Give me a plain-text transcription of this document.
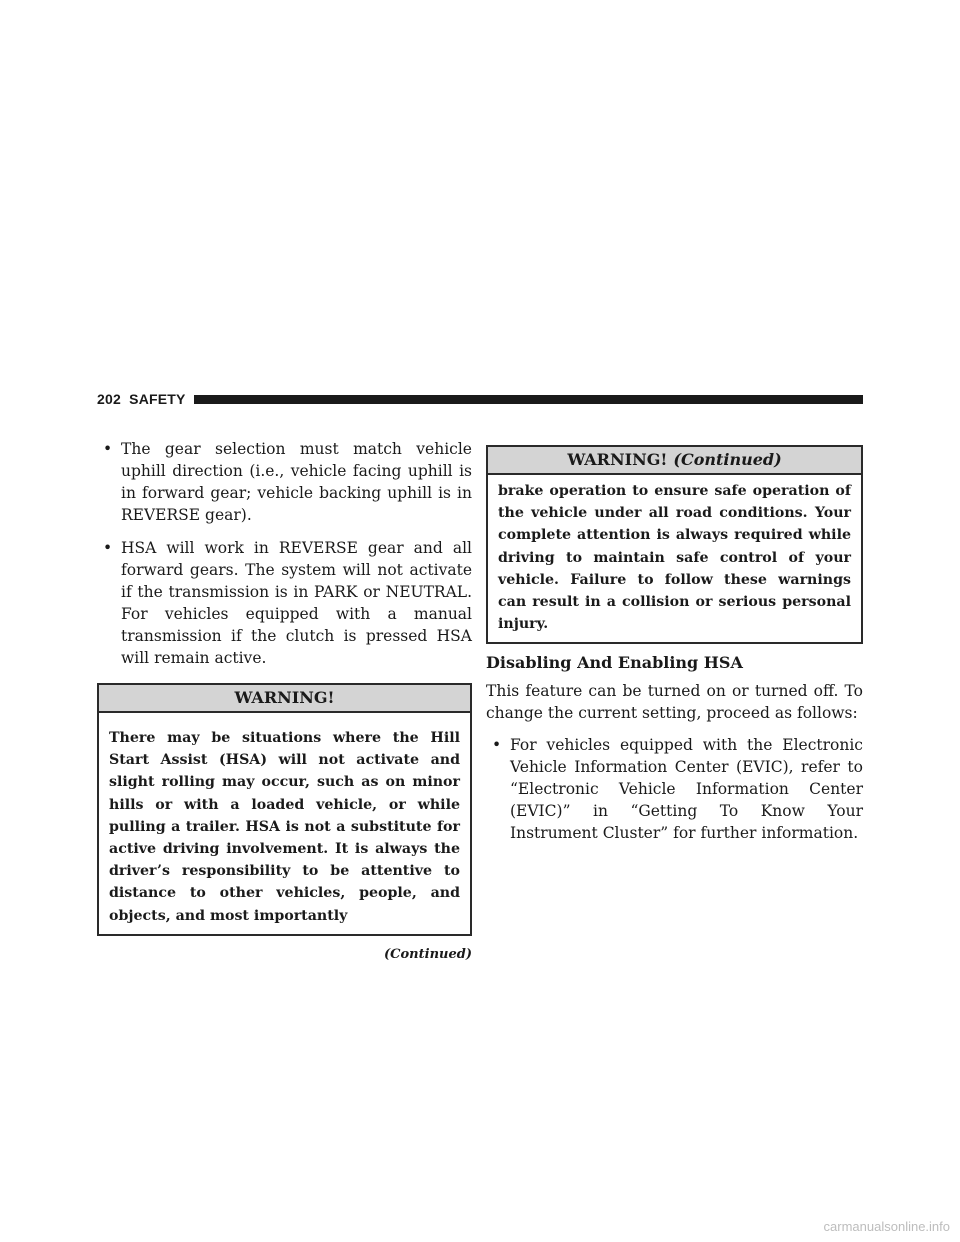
202 SAFETY
• The gear selection must match vehicle uphill direction (i.e., vehicle facing uphill is in forward gear; vehicle backing uphill is in REVERSE gear).
• HSA will work in REVERSE gear and all forward gears. The system will not activate if the transmission is in PARK or NEUTRAL. For vehicles equipped with a manual transmission if the clutch is pressed HSA will remain active.
WARNING!
There may be situations where the Hill Start Assist (HSA) will not activate and slight rolling may occur, such as on minor hills or with a loaded vehicle, or while pulling a trailer. HSA is not a substitute for active driving involvement. It is always the driver’s responsibility to be attentive to distance to other vehicles, people, and objects, and most importantly
(Continued)
WARNING! (Continued)
brake operation to ensure safe operation of the vehicle under all road conditions. Your complete attention is always required while driving to maintain safe control of your vehicle. Failure to follow these warnings can result in a collision or serious personal injury.
Disabling And Enabling HSA
This feature can be turned on or turned off. To change the current setting, proceed as follows:
• For vehicles equipped with the Electronic Vehicle Information Center (EVIC), refer to “Electronic Vehicle Information Center (EVIC)” in “Getting To Know Your Instrument Cluster” for further information.
carmanualsonline.info
